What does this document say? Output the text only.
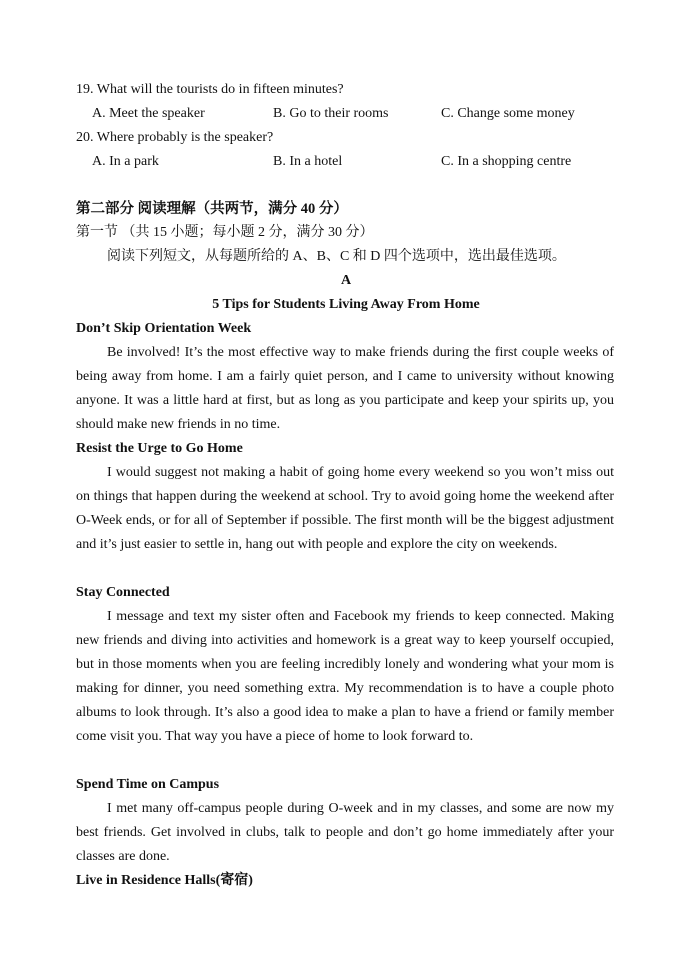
19. What will the tourists do in fifteen minutes?
A. Meet the speaker	B. Go to their rooms	C. Change some money
20. Where probably is the speaker?
A. In a park	B. In a hotel	C. In a shopping centre
第二部分 阅读理解（共两节，满分 40 分）
第一节 （共 15 小题；每小题 2 分，满分 30 分）
阅读下列短文，从每题所给的 A、B、C 和 D 四个选项中，选出最佳选项。
A
5 Tips for Students Living Away From Home
Don’t Skip Orientation Week
Be involved! It’s the most effective way to make friends during the first couple weeks of being away from home. I am a fairly quiet person, and I came to university without knowing anyone. It was a little hard at first, but as long as you participate and keep your spirits up, you should make new friends in no time.
Resist the Urge to Go Home
I would suggest not making a habit of going home every weekend so you won’t miss out on things that happen during the weekend at school. Try to avoid going home the weekend after O-Week ends, or for all of September if possible. The first month will be the biggest adjustment and it’s just easier to settle in, hang out with people and explore the city on weekends.
Stay Connected
I message and text my sister often and Facebook my friends to keep connected. Making new friends and diving into activities and homework is a great way to keep yourself occupied, but in those moments when you are feeling incredibly lonely and wondering what your mom is making for dinner, you need something extra. My recommendation is to have a couple photo albums to look through. It’s also a good idea to make a plan to have a friend or family member come visit you. That way you have a piece of home to look forward to.
Spend Time on Campus
I met many off-campus people during O-week and in my classes, and some are now my best friends. Get involved in clubs, talk to people and don’t go home immediately after your classes are done.
Live in Residence Halls(寄宿)
